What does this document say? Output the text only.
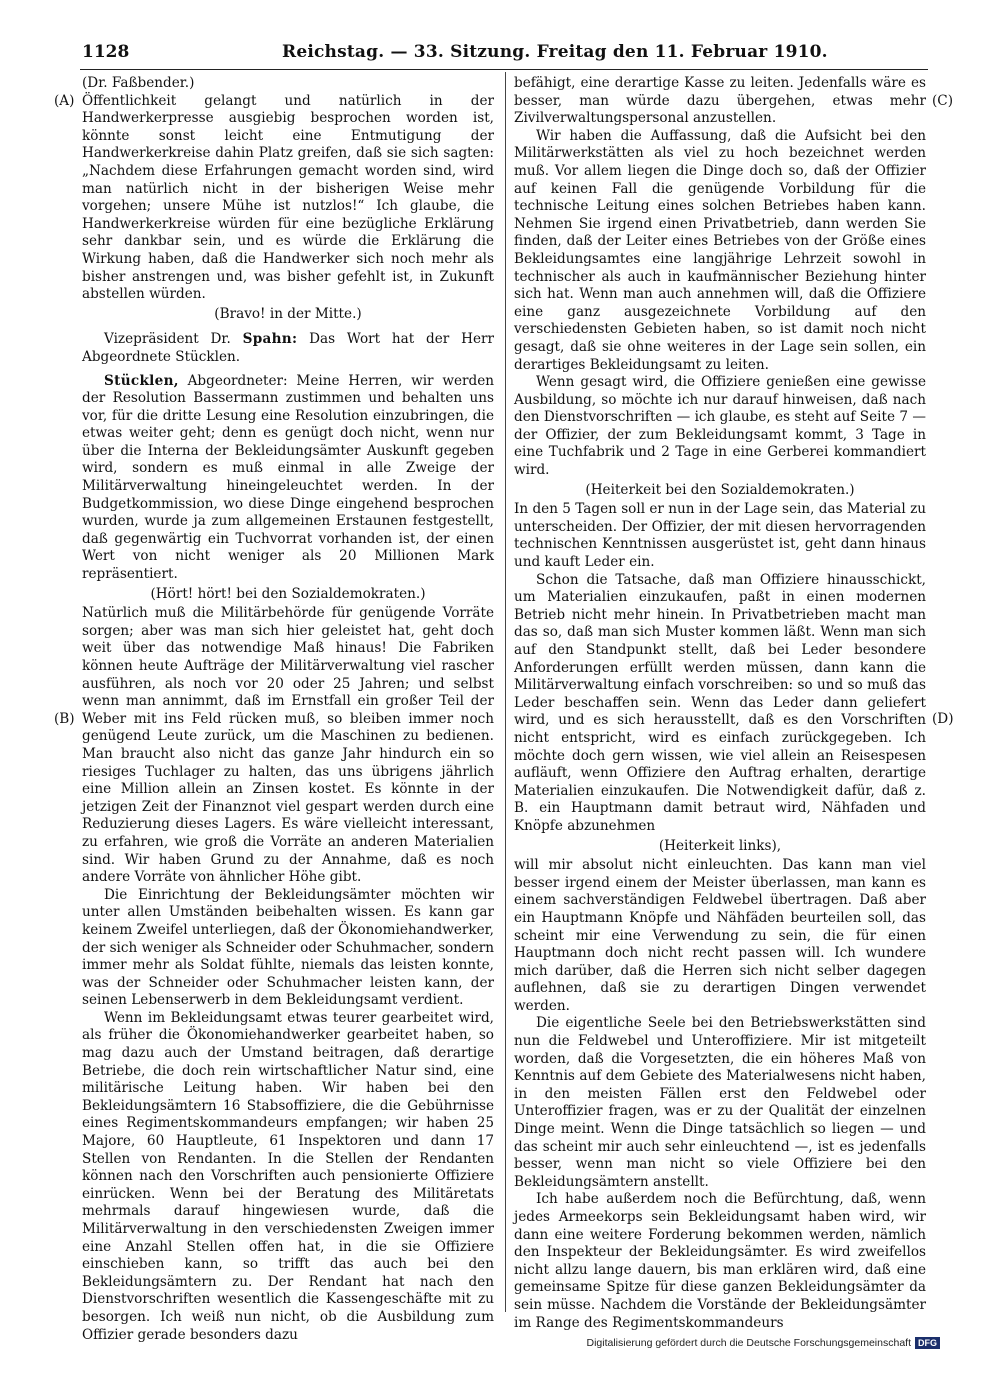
1128	Reichstag. — 33. Sitzung. Freitag den 11. Februar 1910.
(A)
(B)
(C)
(D)

(Dr. Faßbender.)

Öffentlichkeit gelangt und natürlich in der Handwerkerpresse ausgiebig besprochen worden ist, könnte sonst leicht eine Entmutigung der Handwerkerkreise dahin Platz greifen, daß sie sich sagten: „Nachdem diese Erfahrungen gemacht worden sind, wird man natürlich nicht in der bisherigen Weise mehr vorgehen; unsere Mühe ist nutzlos!“ Ich glaube, die Handwerkerkreise würden für eine bezügliche Erklärung sehr dankbar sein, und es würde die Erklärung die Wirkung haben, daß die Handwerker sich noch mehr als bisher anstrengen und, was bisher gefehlt ist, in Zukunft abstellen würden.

(Bravo! in der Mitte.)

Vizepräsident Dr. Spahn: Das Wort hat der Herr Abgeordnete Stücklen.

Stücklen, Abgeordneter: Meine Herren, wir werden der Resolution Bassermann zustimmen und behalten uns vor, für die dritte Lesung eine Resolution einzubringen, die etwas weiter geht; denn es genügt doch nicht, wenn nur über die Interna der Bekleidungsämter Auskunft gegeben wird, sondern es muß einmal in alle Zweige der Militärverwaltung hineingeleuchtet werden. In der Budgetkommission, wo diese Dinge eingehend besprochen wurden, wurde ja zum allgemeinen Erstaunen festgestellt, daß gegenwärtig ein Tuchvorrat vorhanden ist, der einen Wert von nicht weniger als 20 Millionen Mark repräsentiert.

(Hört! hört! bei den Sozialdemokraten.)

Natürlich muß die Militärbehörde für genügende Vorräte sorgen; aber was man sich hier geleistet hat, geht doch weit über das notwendige Maß hinaus! Die Fabriken können heute Aufträge der Militärverwaltung viel rascher ausführen, als noch vor 20 oder 25 Jahren; und selbst wenn man annimmt, daß im Ernstfall ein großer Teil der Weber mit ins Feld rücken muß, so bleiben immer noch genügend Leute zurück, um die Maschinen zu bedienen. Man braucht also nicht das ganze Jahr hindurch ein so riesiges Tuchlager zu halten, das uns übrigens jährlich eine Million allein an Zinsen kostet. Es könnte in der jetzigen Zeit der Finanznot viel gespart werden durch eine Reduzierung dieses Lagers. Es wäre vielleicht interessant, zu erfahren, wie groß die Vorräte an anderen Materialien sind. Wir haben Grund zu der Annahme, daß es noch andere Vorräte von ähnlicher Höhe gibt.

Die Einrichtung der Bekleidungsämter möchten wir unter allen Umständen beibehalten wissen. Es kann gar keinem Zweifel unterliegen, daß der Ökonomiehandwerker, der sich weniger als Schneider oder Schuhmacher, sondern immer mehr als Soldat fühlte, niemals das leisten konnte, was der Schneider oder Schuhmacher leisten kann, der seinen Lebenserwerb in dem Bekleidungsamt verdient.

Wenn im Bekleidungsamt etwas teurer gearbeitet wird, als früher die Ökonomiehandwerker gearbeitet haben, so mag dazu auch der Umstand beitragen, daß derartige Betriebe, die doch rein wirtschaftlicher Natur sind, eine militärische Leitung haben. Wir haben bei den Bekleidungsämtern 16 Stabsoffiziere, die die Gebührnisse eines Regimentskommandeurs empfangen; wir haben 25 Majore, 60 Hauptleute, 61 Inspektoren und dann 17 Stellen von Rendanten. In die Stellen der Rendanten können nach den Vorschriften auch pensionierte Offiziere einrücken. Wenn bei der Beratung des Militäretats mehrmals darauf hingewiesen wurde, daß die Militärverwaltung in den verschiedensten Zweigen immer eine Anzahl Stellen offen hat, in die sie Offiziere einschieben kann, so trifft das auch bei den Bekleidungsämtern zu. Der Rendant hat nach den Dienstvorschriften wesentlich die Kassengeschäfte mit zu besorgen. Ich weiß nun nicht, ob die Ausbildung zum Offizier gerade besonders dazu

befähigt, eine derartige Kasse zu leiten. Jedenfalls wäre es besser, man würde dazu übergehen, etwas mehr Zivilverwaltungspersonal anzustellen.

Wir haben die Auffassung, daß die Aufsicht bei den Militärwerkstätten als viel zu hoch bezeichnet werden muß. Vor allem liegen die Dinge doch so, daß der Offizier auf keinen Fall die genügende Vorbildung für die technische Leitung eines solchen Betriebes haben kann. Nehmen Sie irgend einen Privatbetrieb, dann werden Sie finden, daß der Leiter eines Betriebes von der Größe eines Bekleidungsamtes eine langjährige Lehrzeit sowohl in technischer als auch in kaufmännischer Beziehung hinter sich hat. Wenn man auch annehmen will, daß die Offiziere eine ganz ausgezeichnete Vorbildung auf den verschiedensten Gebieten haben, so ist damit noch nicht gesagt, daß sie ohne weiteres in der Lage sein sollen, ein derartiges Bekleidungsamt zu leiten.

Wenn gesagt wird, die Offiziere genießen eine gewisse Ausbildung, so möchte ich nur darauf hinweisen, daß nach den Dienstvorschriften — ich glaube, es steht auf Seite 7 — der Offizier, der zum Bekleidungsamt kommt, 3 Tage in eine Tuchfabrik und 2 Tage in eine Gerberei kommandiert wird.

(Heiterkeit bei den Sozialdemokraten.)

In den 5 Tagen soll er nun in der Lage sein, das Material zu unterscheiden. Der Offizier, der mit diesen hervorragenden technischen Kenntnissen ausgerüstet ist, geht dann hinaus und kauft Leder ein.

Schon die Tatsache, daß man Offiziere hinausschickt, um Materialien einzukaufen, paßt in einen modernen Betrieb nicht mehr hinein. In Privatbetrieben macht man das so, daß man sich Muster kommen läßt. Wenn man sich auf den Standpunkt stellt, daß bei Leder besondere Anforderungen erfüllt werden müssen, dann kann die Militärverwaltung einfach vorschreiben: so und so muß das Leder beschaffen sein. Wenn das Leder dann geliefert wird, und es sich herausstellt, daß es den Vorschriften nicht entspricht, wird es einfach zurückgegeben. Ich möchte doch gern wissen, wie viel allein an Reisespesen aufläuft, wenn Offiziere den Auftrag erhalten, derartige Materialien einzukaufen. Die Notwendigkeit dafür, daß z. B. ein Hauptmann damit betraut wird, Nähfaden und Knöpfe abzunehmen

(Heiterkeit links),

will mir absolut nicht einleuchten. Das kann man viel besser irgend einem der Meister überlassen, man kann es einem sachverständigen Feldwebel übertragen. Daß aber ein Hauptmann Knöpfe und Nähfäden beurteilen soll, das scheint mir eine Verwendung zu sein, die für einen Hauptmann doch nicht recht passen will. Ich wundere mich darüber, daß die Herren sich nicht selber dagegen auflehnen, daß sie zu derartigen Dingen verwendet werden.

Die eigentliche Seele bei den Betriebswerkstätten sind nun die Feldwebel und Unteroffiziere. Mir ist mitgeteilt worden, daß die Vorgesetzten, die ein höheres Maß von Kenntnis auf dem Gebiete des Materialwesens nicht haben, in den meisten Fällen erst den Feldwebel oder Unteroffizier fragen, was er zu der Qualität der einzelnen Dinge meint. Wenn die Dinge tatsächlich so liegen — und das scheint mir auch sehr einleuchtend —, ist es jedenfalls besser, wenn man nicht so viele Offiziere bei den Bekleidungsämtern anstellt.

Ich habe außerdem noch die Befürchtung, daß, wenn jedes Armeekorps sein Bekleidungsamt haben wird, wir dann eine weitere Forderung bekommen werden, nämlich den Inspekteur der Bekleidungsämter. Es wird zweifellos nicht allzu lange dauern, bis man erklären wird, daß eine gemeinsame Spitze für diese ganzen Bekleidungsämter da sein müsse. Nachdem die Vorstände der Bekleidungsämter im Range des Regimentskommandeurs

Digitalisierung gefördert durch die Deutsche Forschungsgemeinschaft DFG
